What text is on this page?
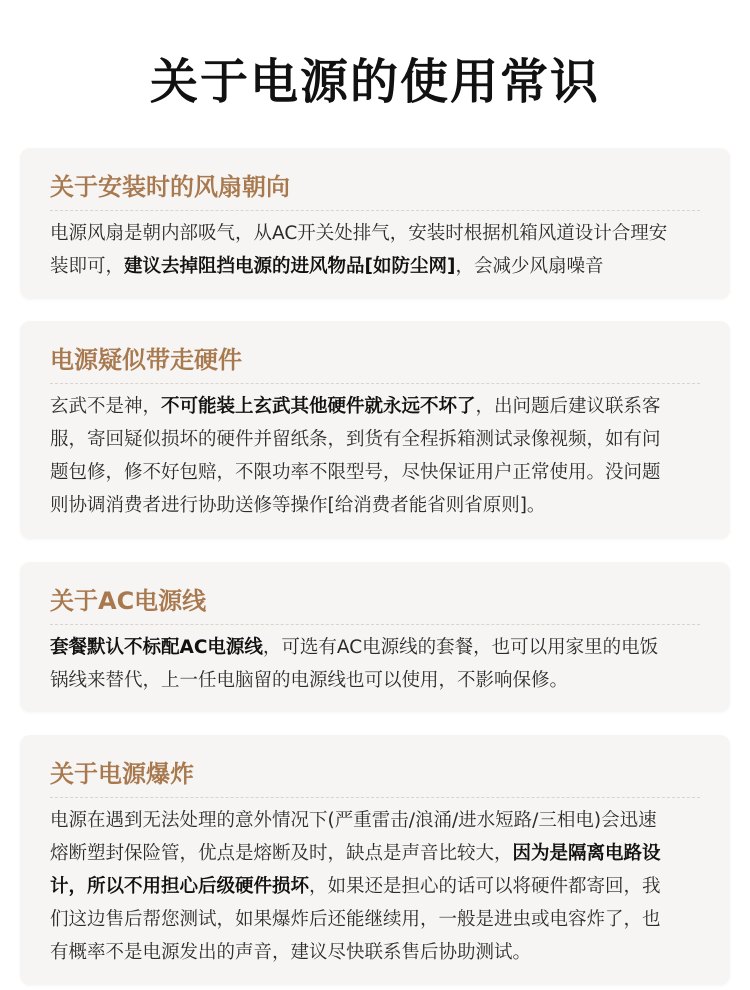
关于电源的使用常识
关于安装时的风扇朝向
电源风扇是朝内部吸气，从AC开关处排气，安装时根据机箱风道设计合理安
装即可，建议去掉阻挡电源的进风物品[如防尘网]，会减少风扇噪音
电源疑似带走硬件
玄武不是神，不可能装上玄武其他硬件就永远不坏了，出问题后建议联系客
服，寄回疑似损坏的硬件并留纸条，到货有全程拆箱测试录像视频，如有问
题包修，修不好包赔，不限功率不限型号，尽快保证用户正常使用。没问题
则协调消费者进行协助送修等操作[给消费者能省则省原则]。
关于AC电源线
套餐默认不标配AC电源线，可选有AC电源线的套餐，也可以用家里的电饭
锅线来替代，上一任电脑留的电源线也可以使用，不影响保修。
关于电源爆炸
电源在遇到无法处理的意外情况下(严重雷击/浪涌/进水短路/三相电)会迅速
熔断塑封保险管，优点是熔断及时，缺点是声音比较大，因为是隔离电路设
计，所以不用担心后级硬件损坏，如果还是担心的话可以将硬件都寄回，我
们这边售后帮您测试，如果爆炸后还能继续用，一般是进虫或电容炸了，也
有概率不是电源发出的声音，建议尽快联系售后协助测试。
